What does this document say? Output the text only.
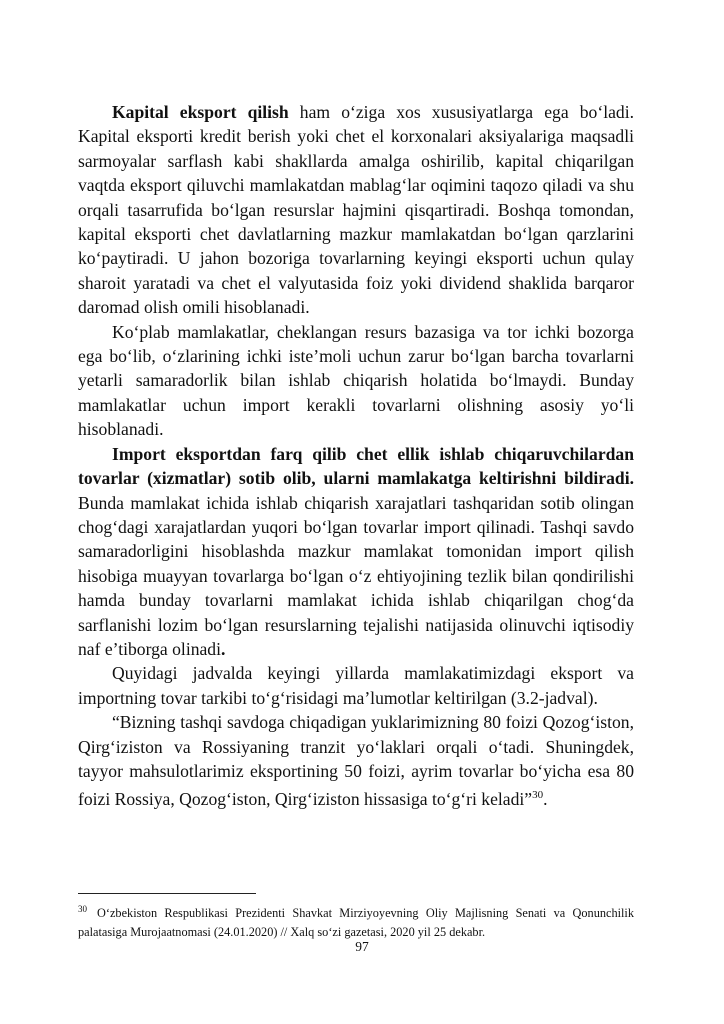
Kapital eksport qilish ham o‘ziga xos xususiyatlarga ega bo‘ladi. Kapital eksporti kredit berish yoki chet el korxonalari aksiyalariga maqsadli sarmoyalar sarflash kabi shakllarda amalga oshirilib, kapital chiqarilgan vaqtda eksport qiluvchi mamlakatdan mablag‘lar oqimini taqozo qiladi va shu orqali tasarrufida bo‘lgan resurslar hajmini qisqartiradi. Boshqa tomondan, kapital eksporti chet davlatlarning mazkur mamlakatdan bo‘lgan qarzlarini ko‘paytiradi. U jahon bozoriga tovarlarning keyingi eksporti uchun qulay sharoit yaratadi va chet el valyutasida foiz yoki dividend shaklida barqaror daromad olish omili hisoblanadi.

Ko‘plab mamlakatlar, cheklangan resurs bazasiga va tor ichki bozorga ega bo‘lib, o‘zlarining ichki iste’moli uchun zarur bo‘lgan barcha tovarlarni yetarli samaradorlik bilan ishlab chiqarish holatida bo‘lmaydi. Bunday mamlakatlar uchun import kerakli tovarlarni olishning asosiy yo‘li hisoblanadi.

Import eksportdan farq qilib chet ellik ishlab chiqaruvchilardan tovarlar (xizmatlar) sotib olib, ularni mamlakatga keltirishni bildiradi. Bunda mamlakat ichida ishlab chiqarish xarajatlari tashqaridan sotib olingan chog‘dagi xarajatlardan yuqori bo‘lgan tovarlar import qilinadi. Tashqi savdo samaradorligini hisoblashda mazkur mamlakat tomonidan import qilish hisobiga muayyan tovarlarga bo‘lgan o‘z ehtiyojining tezlik bilan qondirilishi hamda bunday tovarlarni mamlakat ichida ishlab chiqarilgan chog‘da sarflanishi lozim bo‘lgan resurslarning tejalishi natijasida olinuvchi iqtisodiy naf e’tiborga olinadi.

Quyidagi jadvalda keyingi yillarda mamlakatimizdagi eksport va importning tovar tarkibi to‘g‘risidagi ma’lumotlar keltirilgan (3.2-jadval).

“Bizning tashqi savdoga chiqadigan yuklarimizning 80 foizi Qozog‘iston, Qirg‘iziston va Rossiyaning tranzit yo‘laklari orqali o‘tadi. Shuningdek, tayyor mahsulotlarimiz eksportining 50 foizi, ayrim tovarlar bo‘yicha esa 80 foizi Rossiya, Qozog‘iston, Qirg‘iziston hissasiga to‘g‘ri keladi”$^{30}$.

$^{30}$ O‘zbekiston Respublikasi Prezidenti Shavkat Mirziyoyevning Oliy Majlisning Senati va Qonunchilik palatasiga Murojaatnomasi (24.01.2020) // Xalq so‘zi gazetasi, 2020 yil 25 dekabr.

97
